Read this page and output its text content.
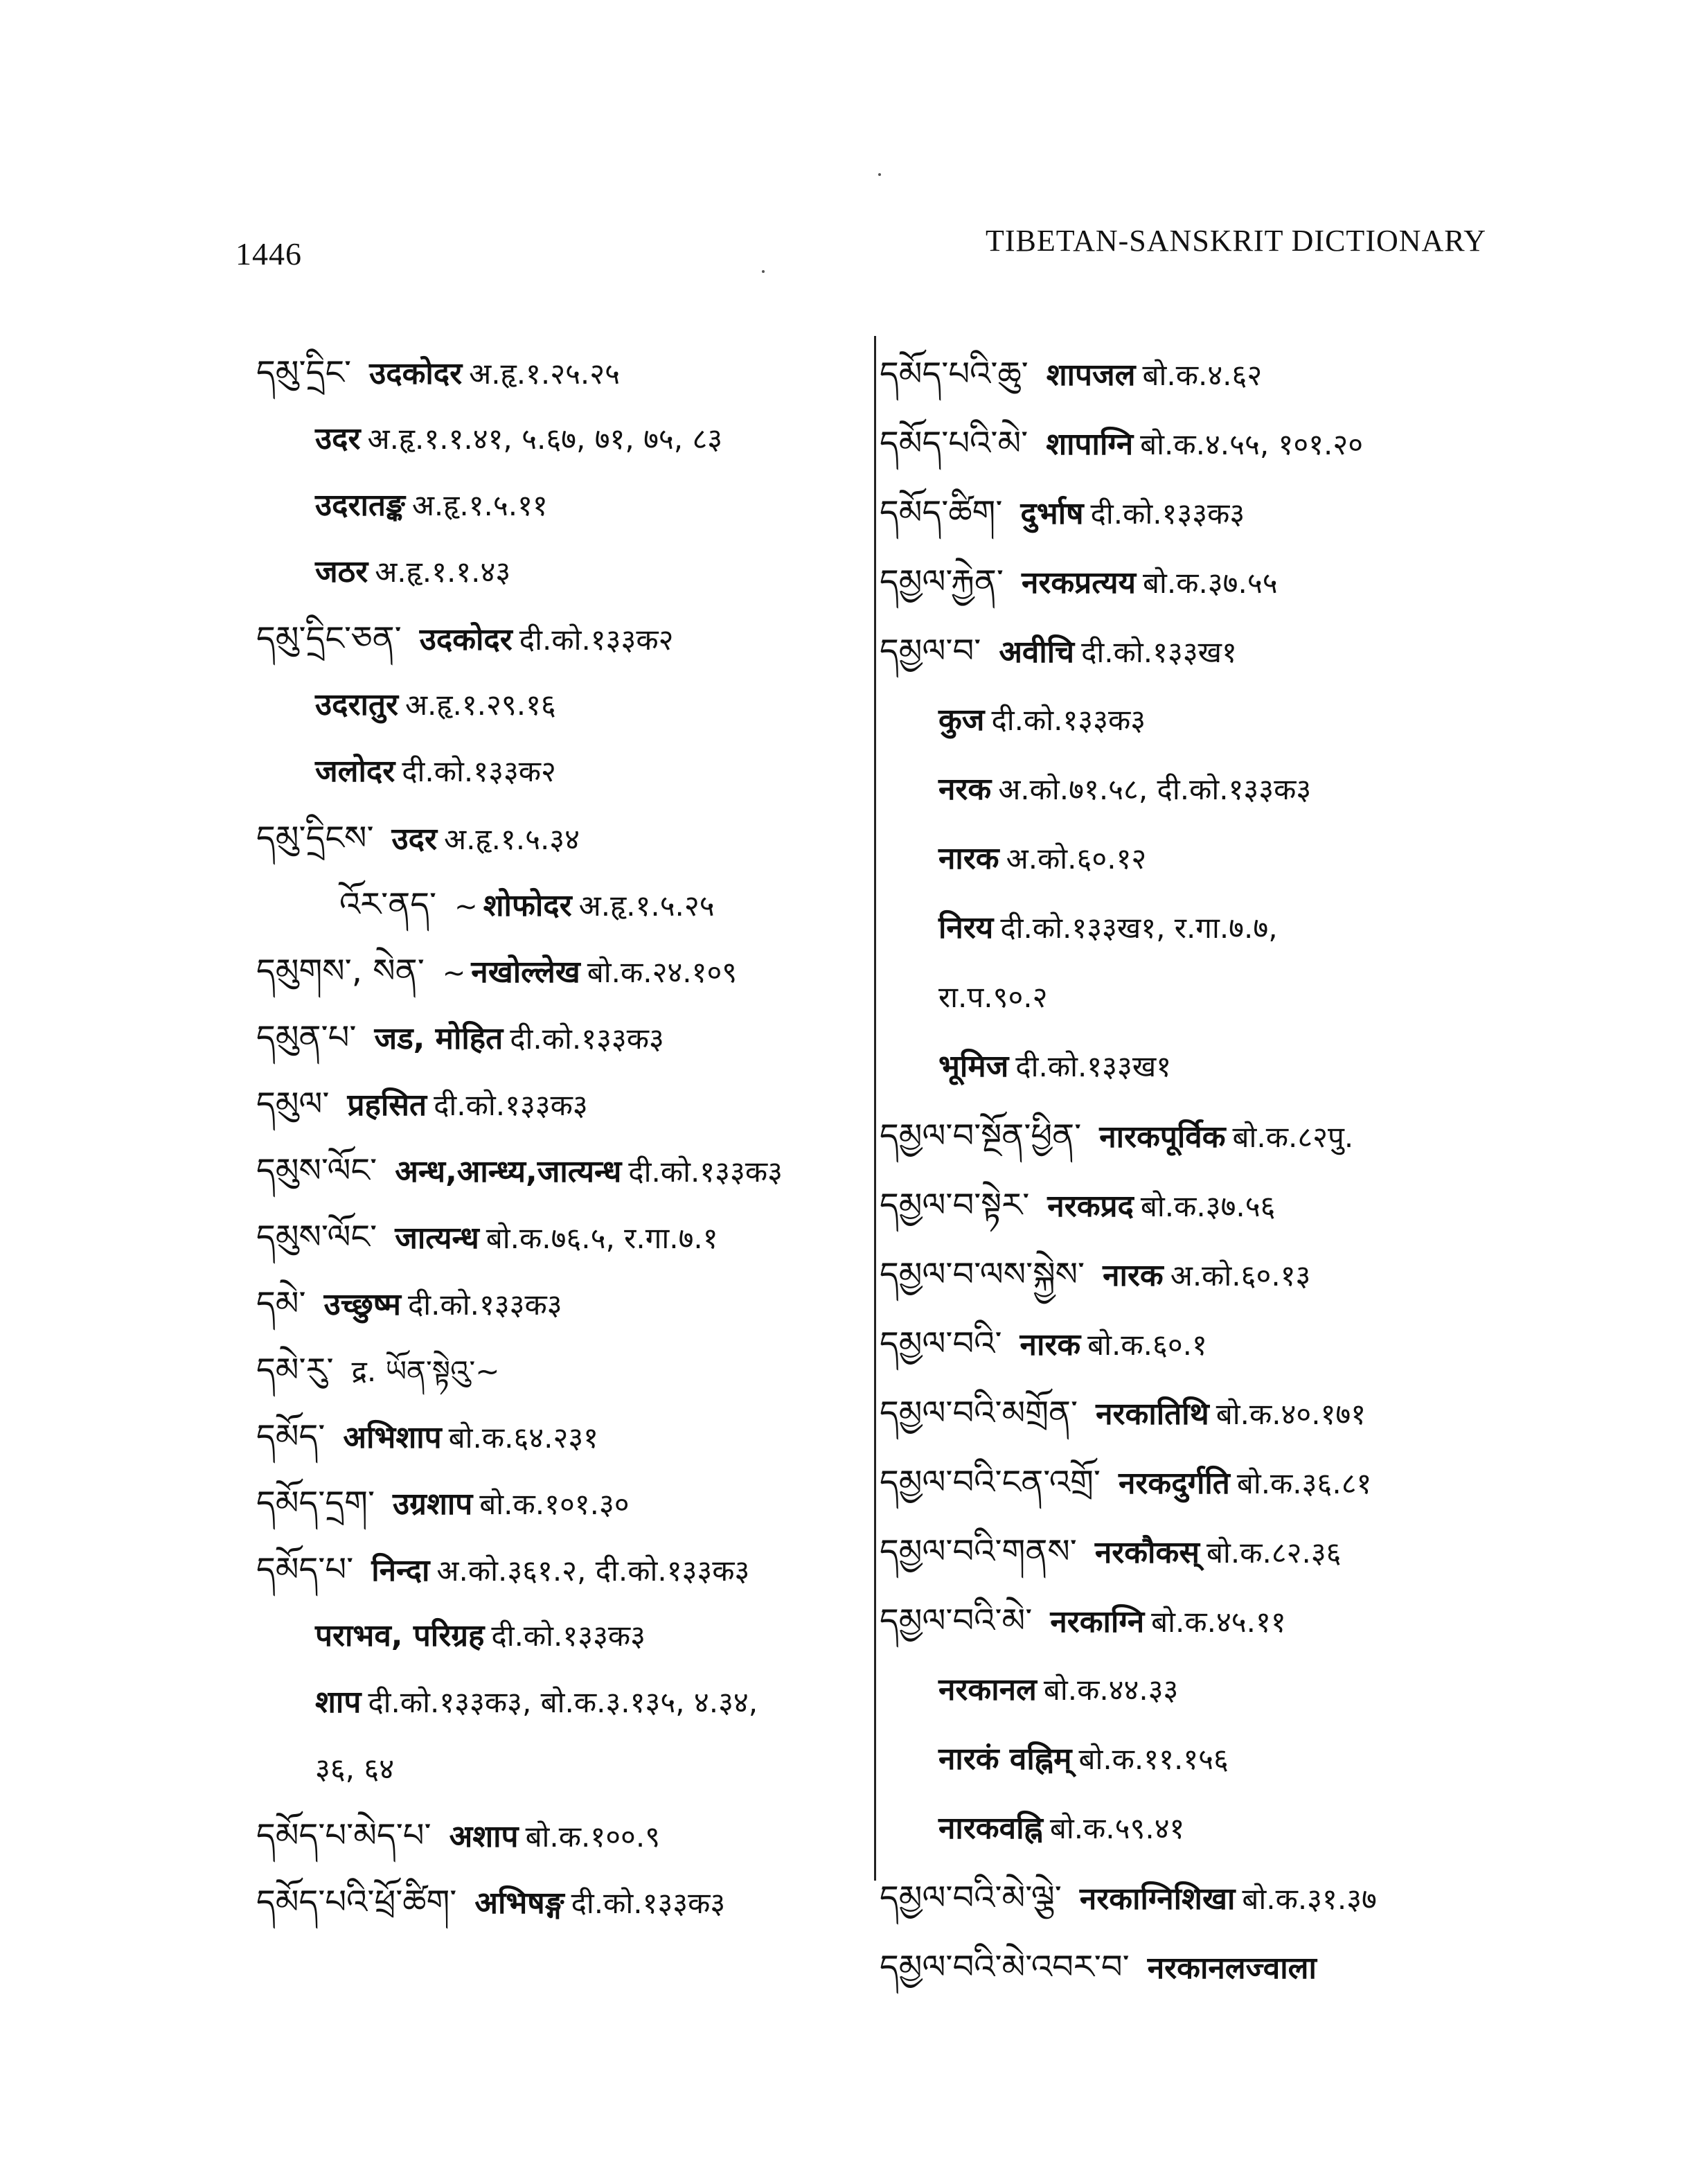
1446	TIBETAN-SANSKRIT DICTIONARY
དམུ་དྲིང་ उदकोदर अ.हृ.१.२५.२५
उदर अ.हृ.१.१.४१, ५.६७, ७१, ७५, ८३
उदरातङ्क अ.हृ.१.५.११
जठर अ.हृ.१.१.४३
དམུ་དྲིང་ཅན་ उदकोदर दी.को.१३३क२
उदरातुर अ.हृ.१.२९.१६
जलोदर दी.को.१३३क२
དམུ་དྲིངས་ उदर अ.हृ.१.५.३४
འོར་ནད་ ~ शोफोदर अ.हृ.१.५.२५
དམུགས་, སེན་ ~ नखोल्लेख बो.क.२४.१०९
དམུན་པ་ जड, मोहित दी.को.१३३क३
དམུལ་ प्रहसित दी.को.१३३क३
དམུས་ལོང་ अन्ध,आन्ध्य,जात्यन्ध दी.को.१३३क३
དམུས་ལོང་ जात्यन्ध बो.क.७६.५, र.गा.७.१
དམེ་ उच्छुष्म दी.को.१३३क३
དམེ་རུ་ द्र. ཡོན་སྟེའུ་~
དམོད་ अभिशाप बो.क.६४.२३१
དམོད་དྲག་ उग्रशाप बो.क.१०१.३०
དམོད་པ་ निन्दा अ.को.३६१.२, दी.को.१३३क३
पराभव, परिग्रह दी.को.१३३क३
शाप दी.को.१३३क३, बो.क.३.१३५, ४.३४,
३६, ६४
དམོད་པ་མེད་པ་ अशाप बो.क.१००.९
དམོད་པའི་ཕྲོ་ཚིག་ अभिषङ्ग दी.को.१३३क३
དམོད་པའི་ཆུ་ शापजल बो.क.४.६२
དམོད་པའི་མེ་ शापाग्नि बो.क.४.५५, १०१.२०
དམོད་ཚིག་ दुर्भाष दी.को.१३३क३
དམྱལ་རྐྱེན་ नरकप्रत्यय बो.क.३७.५५
དམྱལ་བ་ अवीचि दी.को.१३३ख१
कुज दी.को.१३३क३
नरक अ.को.७१.५८, दी.को.१३३क३
नारक अ.को.६०.१२
निरय दी.को.१३३ख१, र.गा.७.७,
रा.प.९०.२
भूमिज दी.को.१३३ख१
དམྱལ་བ་སྔོན་ཕྱིན་ नारकपूर्विक बो.क.८२पु.
དམྱལ་བ་སྟེར་ नरकप्रद बो.क.३७.५६
དམྱལ་བ་ལས་སྐྱེས་ नारक अ.को.६०.१३
དམྱལ་བའི་ नारक बो.क.६०.१
དམྱལ་བའི་མགྲོན་ नरकातिथि बो.क.४०.१७१
དམྱལ་བའི་ངན་འགྲོ་ नरकदुर्गति बो.क.३६.८१
དམྱལ་བའི་གནས་ नरकौकस् बो.क.८२.३६
དམྱལ་བའི་མེ་ नरकाग्नि बो.क.४५.११
नरकानल बो.क.४४.३३
नारकं वह्निम् बो.क.११.१५६
नारकवह्नि बो.क.५९.४१
དམྱལ་བའི་མེ་ལྕེ་ नरकाग्निशिखा बो.क.३१.३७
དམྱལ་བའི་མེ་འབར་བ་ नरकानलज्वाला
